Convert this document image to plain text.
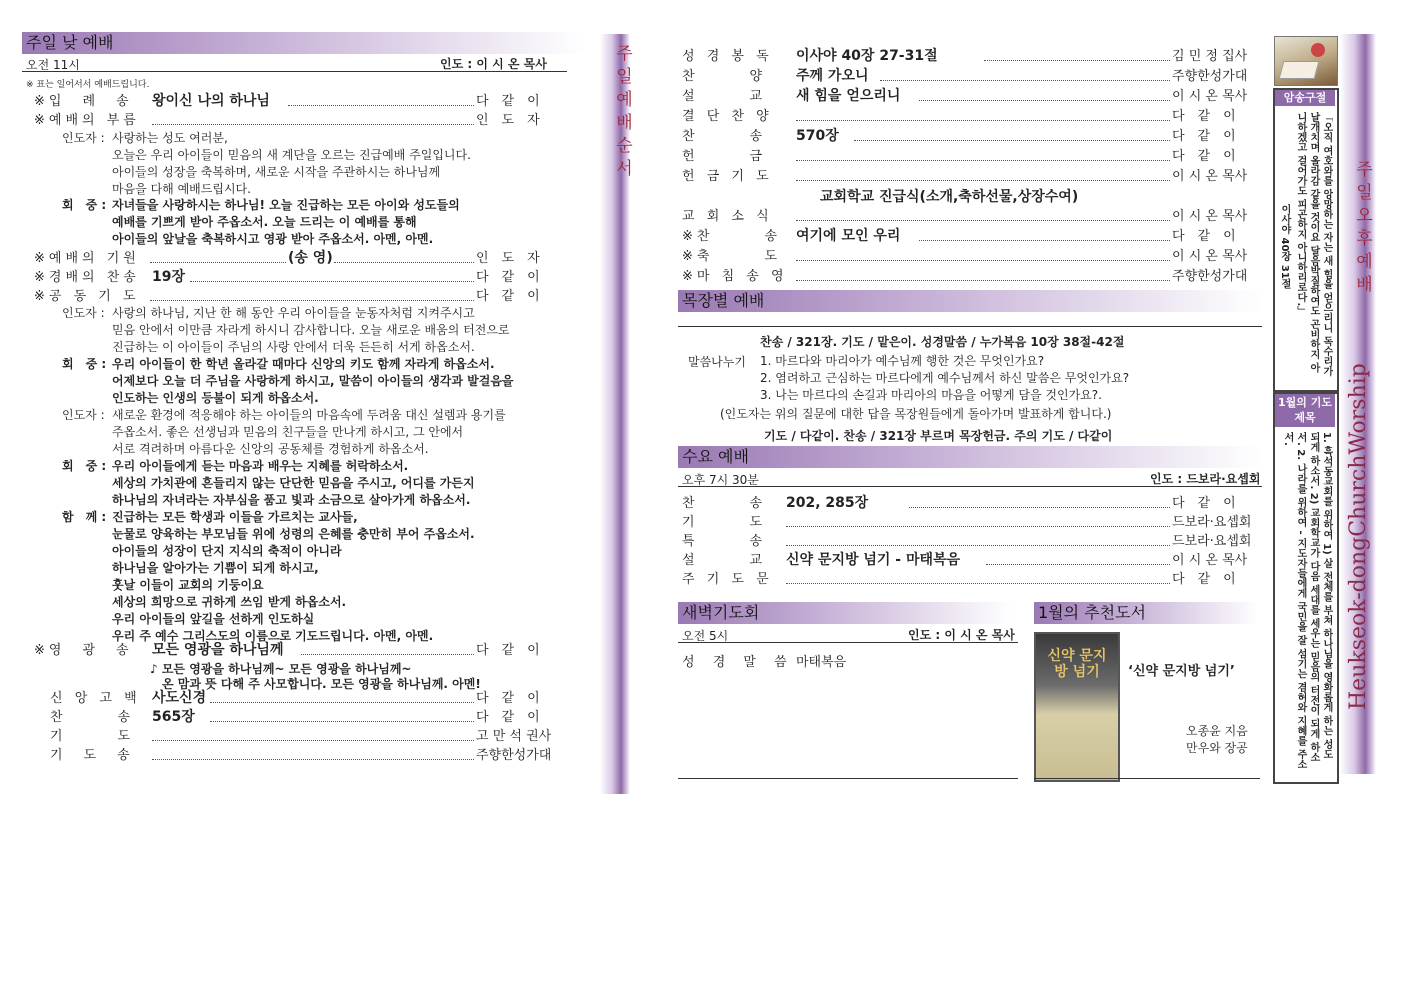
주일 낮 예배
오전 11시	인도 : 이 시 온 목사
※ 표는 일어서서 예배드립니다.
※입　례　송 왕이신 나의 하나님	다　같　이
※예배의 부름	인　도　자
인도자 : 사랑하는 성도 여러분,
오늘은 우리 아이들이 믿음의 새 계단을 오르는 진급예배 주일입니다.
아이들의 성장을 축복하며, 새로운 시작을 주관하시는 하나님께
마음을 다해 예배드립시다.
회　중 : 자녀들을 사랑하시는 하나님! 오늘 진급하는 모든 아이와 성도들의
예배를 기쁘게 받아 주옵소서. 오늘 드리는 이 예배를 통해
아이들의 앞날을 축복하시고 영광 받아 주옵소서. 아멘, 아멘.
※예배의 기원	(송 영)	인　도　자
※경배의 찬송 19장	다　같　이
※공 동 기 도	다　같　이
인도자 : 사랑의 하나님, 지난 한 해 동안 우리 아이들을 눈동자처럼 지켜주시고
믿음 안에서 이만큼 자라게 하시니 감사합니다. 오늘 새로운 배움의 터전으로
진급하는 이 아이들이 주님의 사랑 안에서 더욱 든든히 서게 하옵소서.
회　중 : 우리 아이들이 한 학년 올라갈 때마다 신앙의 키도 함께 자라게 하옵소서.
어제보다 오늘 더 주님을 사랑하게 하시고, 말씀이 아이들의 생각과 발걸음을
인도하는 인생의 등불이 되게 하옵소서.
인도자 : 새로운 환경에 적응해야 하는 아이들의 마음속에 두려움 대신 설렘과 용기를
주옵소서. 좋은 선생님과 믿음의 친구들을 만나게 하시고, 그 안에서
서로 격려하며 아름다운 신앙의 공동체를 경험하게 하옵소서.
회　중 : 우리 아이들에게 듣는 마음과 배우는 지혜를 허락하소서.
세상의 가치관에 흔들리지 않는 단단한 믿음을 주시고, 어디를 가든지
하나님의 자녀라는 자부심을 품고 빛과 소금으로 살아가게 하옵소서.
함　께 : 진급하는 모든 학생과 이들을 가르치는 교사들,
눈물로 양육하는 부모님들 위에 성령의 은혜를 충만히 부어 주옵소서.
아이들의 성장이 단지 지식의 축적이 아니라
하나님을 알아가는 기쁨이 되게 하시고,
훗날 이들이 교회의 기둥이요
세상의 희망으로 귀하게 쓰임 받게 하옵소서.
우리 아이들의 앞길을 선하게 인도하실
우리 주 예수 그리스도의 이름으로 기도드립니다. 아멘, 아멘.
※영　광　송 모든 영광을 하나님께	다　같　이
♪ 모든 영광을 하나님께~ 모든 영광을 하나님께~
온 맘과 뜻 다해 주 사모합니다. 모든 영광을 하나님께. 아멘!
신 앙 고 백 사도신경	다　같　이
찬　　　송 565장	다　같　이
기　　　도	고 만 석 권사
기　도　송	주향한성가대
주일예배순서	성 경 봉 독 이사야 40장 27-31절	김 민 정 집사
찬　　　양 주께 가오니	주향한성가대
설　　　교 새 힘을 얻으리니	이 시 온 목사
결 단 찬 양	다　같　이
찬　　　송 570장	다　같　이
헌　　　금	다　같　이
헌 금 기 도	이 시 온 목사
교 회 소 식	이 시 온 목사
※찬　　　송 여기에 모인 우리	다　같　이
※축　　　도	이 시 온 목사
※마 침 송 영	주향한성가대
교회학교 진급식(소개,축하선물,상장수여)
목장별 예배
찬송 / 321장. 기도 / 맡은이. 성경말씀 / 누가복음 10장 38절-42절
말씀나누기 1. 마르다와 마리아가 예수님께 행한 것은 무엇인가요?
2. 염려하고 근심하는 마르다에게 예수님께서 하신 말씀은 무엇인가요?
3. 나는 마르다의 손길과 마리아의 마음을 어떻게 담을 것인가요?.
(인도자는 위의 질문에 대한 답을 목장원들에게 돌아가며 발표하게 합니다.)
기도 / 다같이. 찬송 / 321장 부르며 목장헌금. 주의 기도 / 다같이
수요 예배
오후 7시 30분	인도 : 드보라·요셉회
찬　　　송 202, 285장	다　같　이
기　　　도	드보라·요셉회
특　　　송	드보라·요셉회
설　　　교 신약 문지방 넘기 - 마태복음	이 시 온 목사
주 기 도 문	다　같　이
새벽기도회
오전 5시	인도 : 이 시 온 목사
성 경 말 씀 마태복음
1월의 추천도서
신약 문지방 넘기	‘신약 문지방 넘기’
오종윤 지음
만우와 장공
암송구절
「오직 여호와를 앙망하는 자는 새 힘을 얻으리니 독수리가 날개치며 올라감 같을 것이요 달음박질하여도 곤비하지 아니하겠고 걸어가도 피곤하지 아니하리로다.」
이사야 40장 31절
1월의 기도제목
1. 흑석동교회를 위하여 1) 살 전체를 부쳐 하나님을 영화롭게 하는 성도 되게 하소서. 2) 교회학교가 다음 세대를 세우는 믿음의 터전이 되게 하소서. 2. 나라를 위하여 - 지도자들에게 국민을 잘 섬기는 겸허와 지혜를 주소서.
주일오후예배
Heukseok-dongChurchWorship
